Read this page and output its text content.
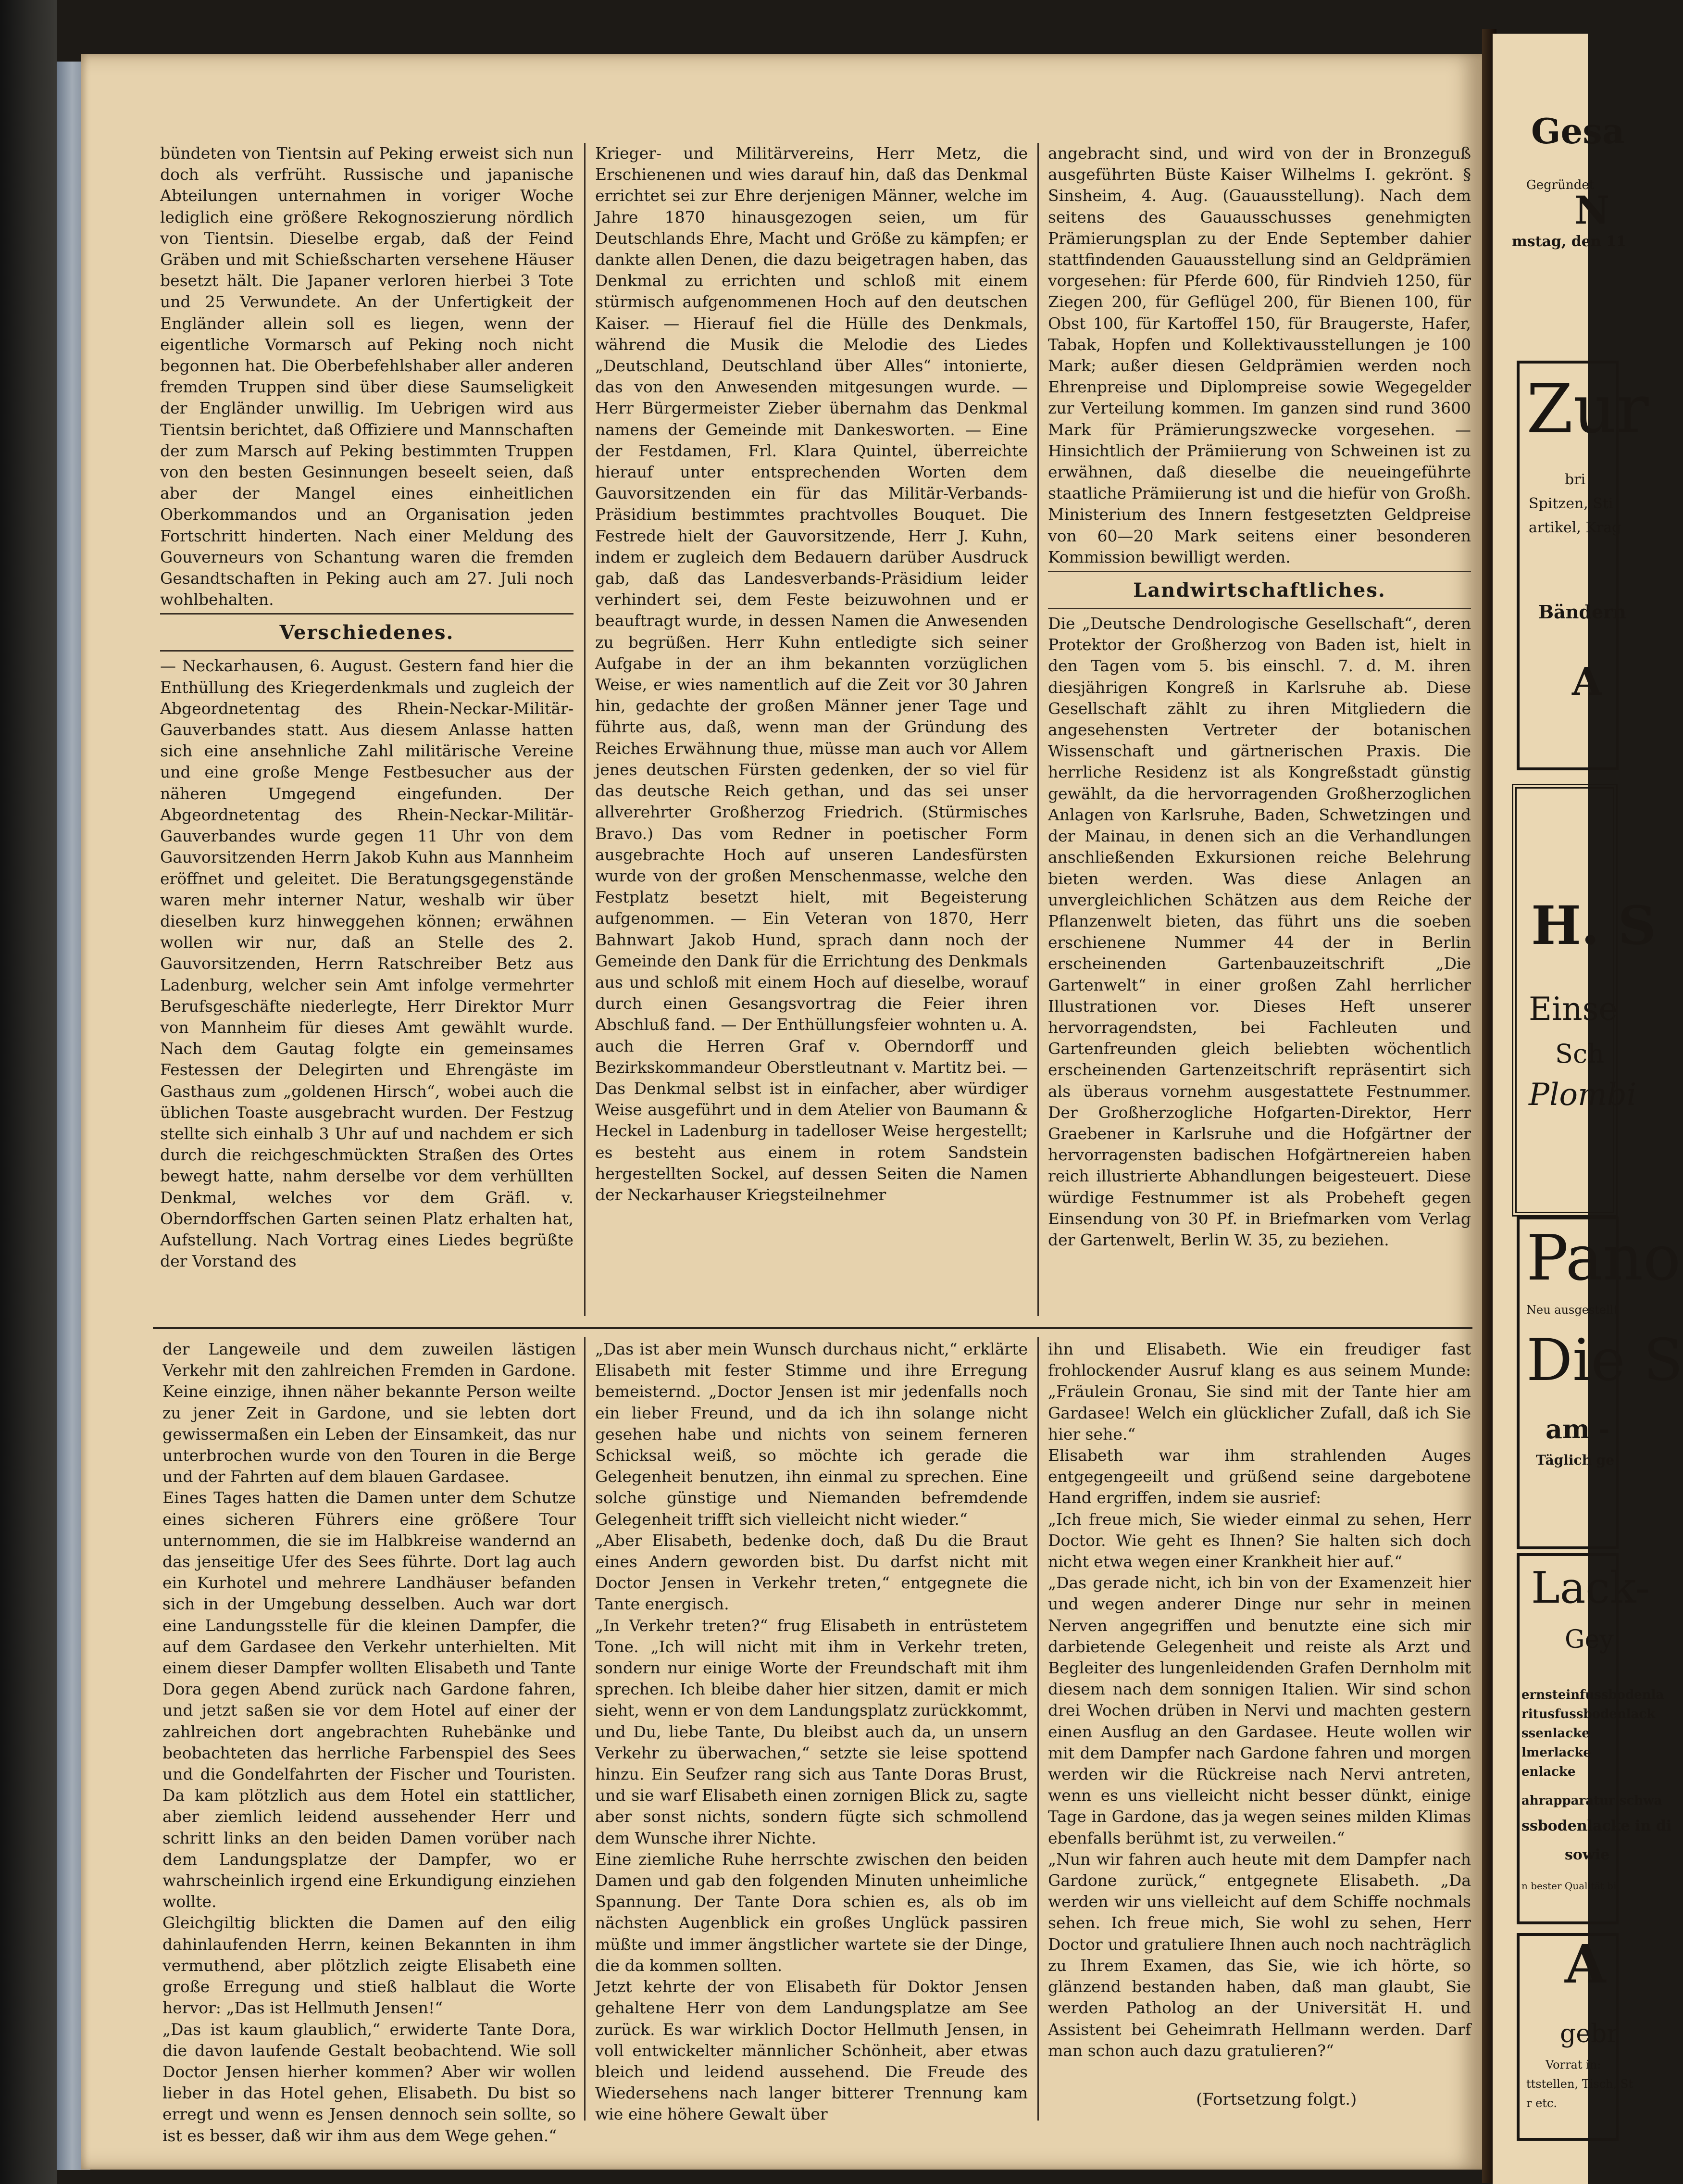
bündeten von Tientsin auf Peking erweist sich nun doch als verfrüht. Russische und japanische Abteilungen unternahmen in voriger Woche lediglich eine größere Rekognoszierung nördlich von Tientsin. Dieselbe ergab, daß der Feind Gräben und mit Schießscharten versehene Häuser besetzt hält. Die Japaner verloren hierbei 3 Tote und 25 Verwundete. An der Unfertigkeit der Engländer allein soll es liegen, wenn der eigentliche Vormarsch auf Peking noch nicht begonnen hat. Die Oberbefehlshaber aller anderen fremden Truppen sind über diese Saumseligkeit der Engländer unwillig. Im Uebrigen wird aus Tientsin berichtet, daß Offiziere und Mannschaften der zum Marsch auf Peking bestimmten Truppen von den besten Gesinnungen beseelt seien, daß aber der Mangel eines einheitlichen Oberkommandos und an Organisation jeden Fortschritt hinderten. Nach einer Meldung des Gouverneurs von Schantung waren die fremden Gesandtschaften in Peking auch am 27. Juli noch wohlbehalten.

Verschiedenes.

— Neckarhausen, 6. August. Gestern fand hier die Enthüllung des Kriegerdenkmals und zugleich der Abgeordnetentag des Rhein-Neckar-Militär-Gauverbandes statt. Aus diesem Anlasse hatten sich eine ansehnliche Zahl militärische Vereine und eine große Menge Festbesucher aus der näheren Umgegend eingefunden. Der Abgeordnetentag des Rhein-Neckar-Militär-Gauverbandes wurde gegen 11 Uhr von dem Gauvorsitzenden Herrn Jakob Kuhn aus Mannheim eröffnet und geleitet. Die Beratungsgegenstände waren mehr interner Natur, weshalb wir über dieselben kurz hinweggehen können; erwähnen wollen wir nur, daß an Stelle des 2. Gauvorsitzenden, Herrn Ratschreiber Betz aus Ladenburg, welcher sein Amt infolge vermehrter Berufsgeschäfte niederlegte, Herr Direktor Murr von Mannheim für dieses Amt gewählt wurde. Nach dem Gautag folgte ein gemeinsames Festessen der Delegirten und Ehrengäste im Gasthaus zum „goldenen Hirsch“, wobei auch die üblichen Toaste ausgebracht wurden. Der Festzug stellte sich einhalb 3 Uhr auf und nachdem er sich durch die reichgeschmückten Straßen des Ortes bewegt hatte, nahm derselbe vor dem verhüllten Denkmal, welches vor dem Gräfl. v. Oberndorffschen Garten seinen Platz erhalten hat, Aufstellung. Nach Vortrag eines Liedes begrüßte der Vorstand des

Krieger- und Militärvereins, Herr Metz, die Erschienenen und wies darauf hin, daß das Denkmal errichtet sei zur Ehre derjenigen Männer, welche im Jahre 1870 hinausgezogen seien, um für Deutschlands Ehre, Macht und Größe zu kämpfen; er dankte allen Denen, die dazu beigetragen haben, das Denkmal zu errichten und schloß mit einem stürmisch aufgenommenen Hoch auf den deutschen Kaiser. — Hierauf fiel die Hülle des Denkmals, während die Musik die Melodie des Liedes „Deutschland, Deutschland über Alles“ intonierte, das von den Anwesenden mitgesungen wurde. — Herr Bürgermeister Zieber übernahm das Denkmal namens der Gemeinde mit Dankesworten. — Eine der Festdamen, Frl. Klara Quintel, überreichte hierauf unter entsprechenden Worten dem Gauvorsitzenden ein für das Militär-Verbands-Präsidium bestimmtes prachtvolles Bouquet. Die Festrede hielt der Gauvorsitzende, Herr J. Kuhn, indem er zugleich dem Bedauern darüber Ausdruck gab, daß das Landesverbands-Präsidium leider verhindert sei, dem Feste beizuwohnen und er beauftragt wurde, in dessen Namen die Anwesenden zu begrüßen. Herr Kuhn entledigte sich seiner Aufgabe in der an ihm bekannten vorzüglichen Weise, er wies namentlich auf die Zeit vor 30 Jahren hin, gedachte der großen Männer jener Tage und führte aus, daß, wenn man der Gründung des Reiches Erwähnung thue, müsse man auch vor Allem jenes deutschen Fürsten gedenken, der so viel für das deutsche Reich gethan, und das sei unser allverehrter Großherzog Friedrich. (Stürmisches Bravo.) Das vom Redner in poetischer Form ausgebrachte Hoch auf unseren Landesfürsten wurde von der großen Menschenmasse, welche den Festplatz besetzt hielt, mit Begeisterung aufgenommen. — Ein Veteran von 1870, Herr Bahnwart Jakob Hund, sprach dann noch der Gemeinde den Dank für die Errichtung des Denkmals aus und schloß mit einem Hoch auf dieselbe, worauf durch einen Gesangsvortrag die Feier ihren Abschluß fand. — Der Enthüllungsfeier wohnten u. A. auch die Herren Graf v. Oberndorff und Bezirkskommandeur Oberstleutnant v. Martitz bei. — Das Denkmal selbst ist in einfacher, aber würdiger Weise ausgeführt und in dem Atelier von Baumann & Heckel in Ladenburg in tadelloser Weise hergestellt; es besteht aus einem in rotem Sandstein hergestellten Sockel, auf dessen Seiten die Namen der Neckarhauser Kriegsteilnehmer

angebracht sind, und wird von der in Bronzeguß ausgeführten Büste Kaiser Wilhelms I. gekrönt. § Sinsheim, 4. Aug. (Gauausstellung). Nach dem seitens des Gauausschusses genehmigten Prämierungsplan zu der Ende September dahier stattfindenden Gauausstellung sind an Geldprämien vorgesehen: für Pferde 600, für Rindvieh 1250, für Ziegen 200, für Geflügel 200, für Bienen 100, für Obst 100, für Kartoffel 150, für Braugerste, Hafer, Tabak, Hopfen und Kollektivausstellungen je 100 Mark; außer diesen Geldprämien werden noch Ehrenpreise und Diplompreise sowie Wegegelder zur Verteilung kommen. Im ganzen sind rund 3600 Mark für Prämierungszwecke vorgesehen. — Hinsichtlich der Prämiierung von Schweinen ist zu erwähnen, daß dieselbe die neueingeführte staatliche Prämiierung ist und die hiefür von Großh. Ministerium des Innern festgesetzten Geldpreise von 60—20 Mark seitens einer besonderen Kommission bewilligt werden.

Landwirtschaftliches.

Die „Deutsche Dendrologische Gesellschaft“, deren Protektor der Großherzog von Baden ist, hielt in den Tagen vom 5. bis einschl. 7. d. M. ihren diesjährigen Kongreß in Karlsruhe ab. Diese Gesellschaft zählt zu ihren Mitgliedern die angesehensten Vertreter der botanischen Wissenschaft und gärtnerischen Praxis. Die herrliche Residenz ist als Kongreßstadt günstig gewählt, da die hervorragenden Großherzoglichen Anlagen von Karlsruhe, Baden, Schwetzingen und der Mainau, in denen sich an die Verhandlungen anschließenden Exkursionen reiche Belehrung bieten werden. Was diese Anlagen an unvergleichlichen Schätzen aus dem Reiche der Pflanzenwelt bieten, das führt uns die soeben erschienene Nummer 44 der in Berlin erscheinenden Gartenbauzeitschrift „Die Gartenwelt“ in einer großen Zahl herrlicher Illustrationen vor. Dieses Heft unserer hervorragendsten, bei Fachleuten und Gartenfreunden gleich beliebten wöchentlich erscheinenden Gartenzeitschrift repräsentirt sich als überaus vornehm ausgestattete Festnummer. Der Großherzogliche Hofgarten-Direktor, Herr Graebener in Karlsruhe und die Hofgärtner der hervorragensten badischen Hofgärtnereien haben reich illustrierte Abhandlungen beigesteuert. Diese würdige Festnummer ist als Probeheft gegen Einsendung von 30 Pf. in Briefmarken vom Verlag der Gartenwelt, Berlin W. 35, zu beziehen.

der Langeweile und dem zuweilen lästigen Verkehr mit den zahlreichen Fremden in Gardone. Keine einzige, ihnen näher bekannte Person weilte zu jener Zeit in Gardone, und sie lebten dort gewissermaßen ein Leben der Einsamkeit, das nur unterbrochen wurde von den Touren in die Berge und der Fahrten auf dem blauen Gardasee.
Eines Tages hatten die Damen unter dem Schutze eines sicheren Führers eine größere Tour unternommen, die sie im Halbkreise wandernd an das jenseitige Ufer des Sees führte. Dort lag auch ein Kurhotel und mehrere Landhäuser befanden sich in der Umgebung desselben. Auch war dort eine Landungsstelle für die kleinen Dampfer, die auf dem Gardasee den Verkehr unterhielten. Mit einem dieser Dampfer wollten Elisabeth und Tante Dora gegen Abend zurück nach Gardone fahren, und jetzt saßen sie vor dem Hotel auf einer der zahlreichen dort angebrachten Ruhebänke und beobachteten das herrliche Farbenspiel des Sees und die Gondelfahrten der Fischer und Touristen. Da kam plötzlich aus dem Hotel ein stattlicher, aber ziemlich leidend aussehender Herr und schritt links an den beiden Damen vorüber nach dem Landungsplatze der Dampfer, wo er wahrscheinlich irgend eine Erkundigung einziehen wollte.
Gleichgiltig blickten die Damen auf den eilig dahinlaufenden Herrn, keinen Bekannten in ihm vermuthend, aber plötzlich zeigte Elisabeth eine große Erregung und stieß halblaut die Worte hervor: „Das ist Hellmuth Jensen!“
„Das ist kaum glaublich,“ erwiderte Tante Dora, die davon laufende Gestalt beobachtend. Wie soll Doctor Jensen hierher kommen? Aber wir wollen lieber in das Hotel gehen, Elisabeth. Du bist so erregt und wenn es Jensen dennoch sein sollte, so ist es besser, daß wir ihm aus dem Wege gehen.“

„Das ist aber mein Wunsch durchaus nicht,“ erklärte Elisabeth mit fester Stimme und ihre Erregung bemeisternd. „Doctor Jensen ist mir jedenfalls noch ein lieber Freund, und da ich ihn solange nicht gesehen habe und nichts von seinem ferneren Schicksal weiß, so möchte ich gerade die Gelegenheit benutzen, ihn einmal zu sprechen. Eine solche günstige und Niemanden befremdende Gelegenheit trifft sich vielleicht nicht wieder.“
„Aber Elisabeth, bedenke doch, daß Du die Braut eines Andern geworden bist. Du darfst nicht mit Doctor Jensen in Verkehr treten,“ entgegnete die Tante energisch.
„In Verkehr treten?“ frug Elisabeth in entrüstetem Tone. „Ich will nicht mit ihm in Verkehr treten, sondern nur einige Worte der Freundschaft mit ihm sprechen. Ich bleibe daher hier sitzen, damit er mich sieht, wenn er von dem Landungsplatz zurückkommt, und Du, liebe Tante, Du bleibst auch da, un unsern Verkehr zu überwachen,“ setzte sie leise spottend hinzu. Ein Seufzer rang sich aus Tante Doras Brust, und sie warf Elisabeth einen zornigen Blick zu, sagte aber sonst nichts, sondern fügte sich schmollend dem Wunsche ihrer Nichte.
Eine ziemliche Ruhe herrschte zwischen den beiden Damen und gab den folgenden Minuten unheimliche Spannung. Der Tante Dora schien es, als ob im nächsten Augenblick ein großes Unglück passiren müßte und immer ängstlicher wartete sie der Dinge, die da kommen sollten.
Jetzt kehrte der von Elisabeth für Doktor Jensen gehaltene Herr von dem Landungsplatze am See zurück. Es war wirklich Doctor Hellmuth Jensen, in voll entwickelter männlicher Schönheit, aber etwas bleich und leidend aussehend. Die Freude des Wiedersehens nach langer bitterer Trennung kam wie eine höhere Gewalt über

ihn und Elisabeth. Wie ein freudiger fast frohlockender Ausruf klang es aus seinem Munde: „Fräulein Gronau, Sie sind mit der Tante hier am Gardasee! Welch ein glücklicher Zufall, daß ich Sie hier sehe.“
Elisabeth war ihm strahlenden Auges entgegengeeilt und grüßend seine dargebotene Hand ergriffen, indem sie ausrief:
„Ich freue mich, Sie wieder einmal zu sehen, Herr Doctor. Wie geht es Ihnen? Sie halten sich doch nicht etwa wegen einer Krankheit hier auf.“
„Das gerade nicht, ich bin von der Examenzeit hier und wegen anderer Dinge nur sehr in meinen Nerven angegriffen und benutzte eine sich mir darbietende Gelegenheit und reiste als Arzt und Begleiter des lungenleidenden Grafen Dernholm mit diesem nach dem sonnigen Italien. Wir sind schon drei Wochen drüben in Nervi und machten gestern einen Ausflug an den Gardasee. Heute wollen wir mit dem Dampfer nach Gardone fahren und morgen werden wir die Rückreise nach Nervi antreten, wenn es uns vielleicht nicht besser dünkt, einige Tage in Gardone, das ja wegen seines milden Klimas ebenfalls berühmt ist, zu verweilen.“
„Nun wir fahren auch heute mit dem Dampfer nach Gardone zurück,“ entgegnete Elisabeth. „Da werden wir uns vielleicht auf dem Schiffe nochmals sehen. Ich freue mich, Sie wohl zu sehen, Herr Doctor und gratuliere Ihnen auch noch nachträglich zu Ihrem Examen, das Sie, wie ich hörte, so glänzend bestanden haben, daß man glaubt, Sie werden Patholog an der Universität H. und Assistent bei Geheimrath Hellmann werden. Darf man schon auch dazu gratulieren?“

(Fortsetzung folgt.)
Gesa
Gegründet
N
mstag, den 11
Zur
bri
Spitzen, Sti
artikel, Krag
Bändern
A
H. S
Einse
Sch
Plombi
Pano
Neu ausgestellt
Die S
am -
Täglich ge
Lack-
Gey
ernsteinfussbodenla
ritusfussbodenlack
ssenlacke
lmerlacke
enlacke
ahrapparatur schwa
ssbodenlacke in di
sowie
n bester Qualität bi
A
gebr
Vorrat in:
ttstellen, Tisch, St
r etc.
